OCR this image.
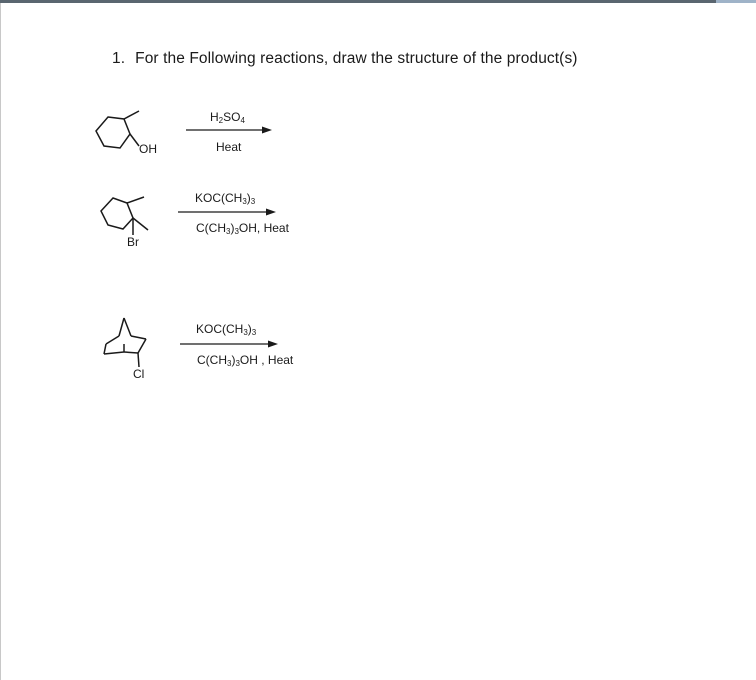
1. For the Following reactions, draw the structure of the product(s)
OH
$H_2SO_4$
Heat
Br
$KOC(CH_3)_3$
$C(CH_3)_3OH$, Heat
Cl
$KOC(CH_3)_3$
$C(CH_3)_3OH$ , Heat
